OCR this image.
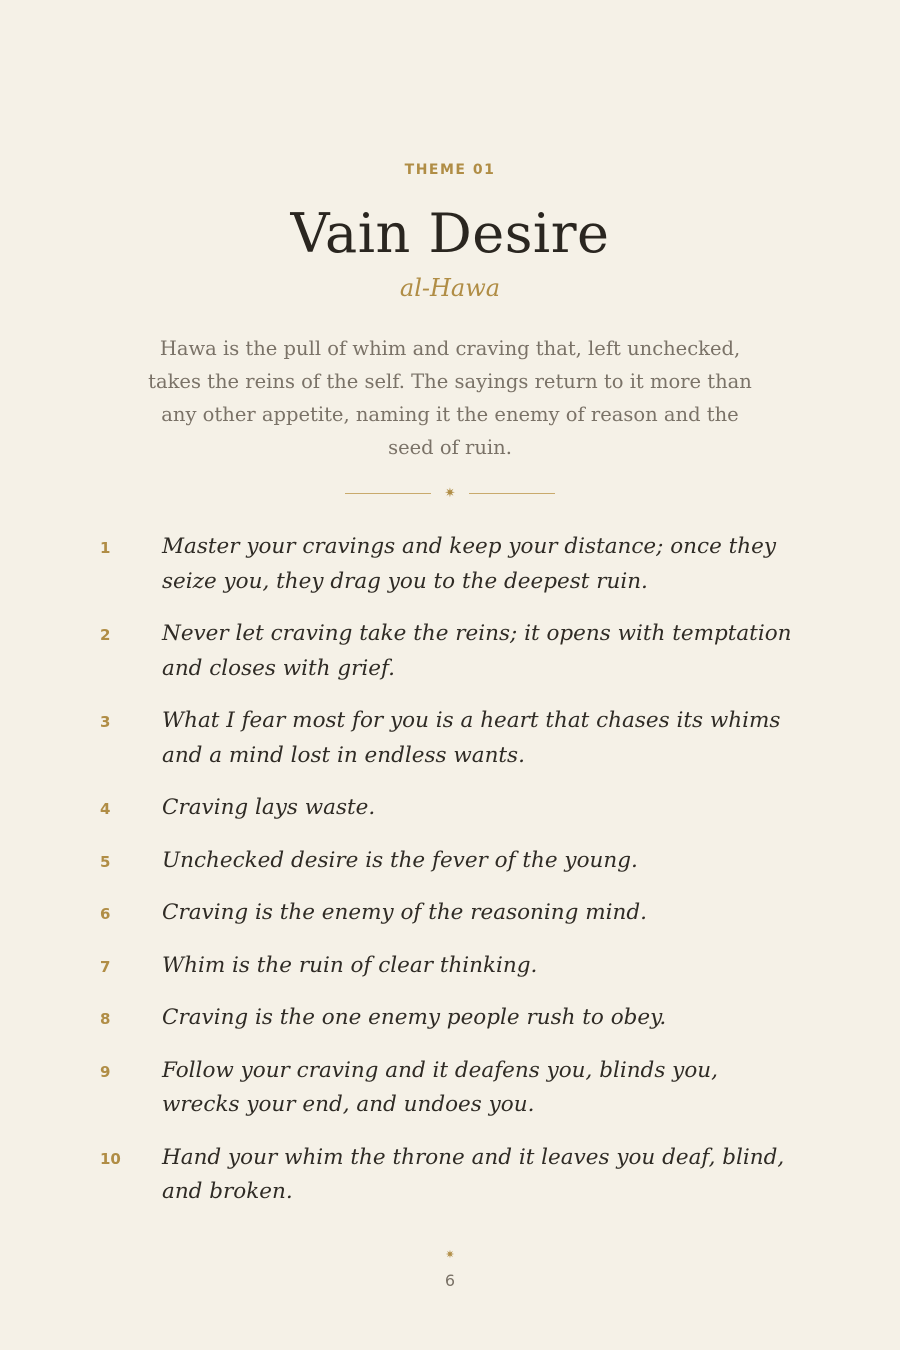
THEME 01
Vain Desire
al-Hawa
Hawa is the pull of whim and craving that, left unchecked, takes the reins of the self. The sayings return to it more than any other appetite, naming it the enemy of reason and the seed of ruin.
✷
1	Master your cravings and keep your distance; once they seize you, they drag you to the deepest ruin.
2	Never let craving take the reins; it opens with temptation and closes with grief.
3	What I fear most for you is a heart that chases its whims and a mind lost in endless wants.
4	Craving lays waste.
5	Unchecked desire is the fever of the young.
6	Craving is the enemy of the reasoning mind.
7	Whim is the ruin of clear thinking.
8	Craving is the one enemy people rush to obey.
9	Follow your craving and it deafens you, blinds you, wrecks your end, and undoes you.
10	Hand your whim the throne and it leaves you deaf, blind, and broken.
✷
6
